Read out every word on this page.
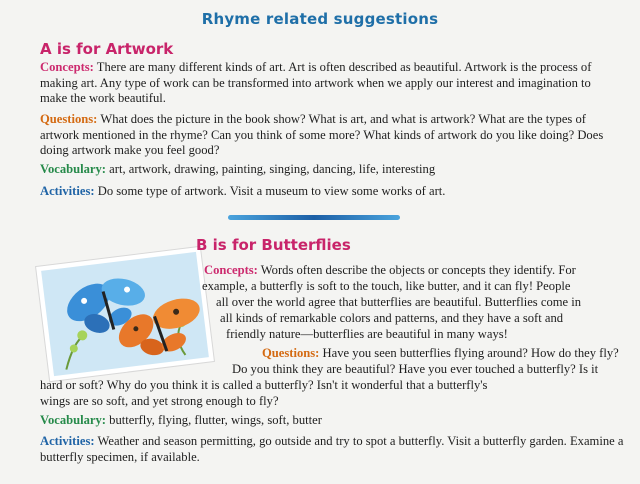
Rhyme related suggestions
A is for Artwork

Concepts: There are many different kinds of art. Art is often described as beautiful. Artwork is the process of making art. Any type of work can be transformed into artwork when we apply our interest and imagination to make the work beautiful.

Questions: What does the picture in the book show? What is art, and what is artwork? What are the types of artwork mentioned in the rhyme? Can you think of some more? What kinds of artwork do you like doing? Does doing artwork make you feel good?

Vocabulary: art, artwork, drawing, painting, singing, dancing, life, interesting

Activities: Do some type of artwork. Visit a museum to view some works of art.

B is for Butterflies

Concepts: Words often describe the objects or concepts they identify. For

example, a butterfly is soft to the touch, like butter, and it can fly! People

all over the world agree that butterflies are beautiful. Butterflies come in

all kinds of remarkable colors and patterns, and they have a soft and

friendly nature—butterflies are beautiful in many ways!

Questions: Have you seen butterflies flying around? How do they fly?

Do you think they are beautiful? Have you ever touched a butterfly? Is it

hard or soft? Why do you think it is called a butterfly? Isn't it wonderful that a butterfly's

wings are so soft, and yet strong enough to fly?

Vocabulary: butterfly, flying, flutter, wings, soft, butter

Activities: Weather and season permitting, go outside and try to spot a butterfly. Visit a butterfly garden. Examine a butterfly specimen, if available.
